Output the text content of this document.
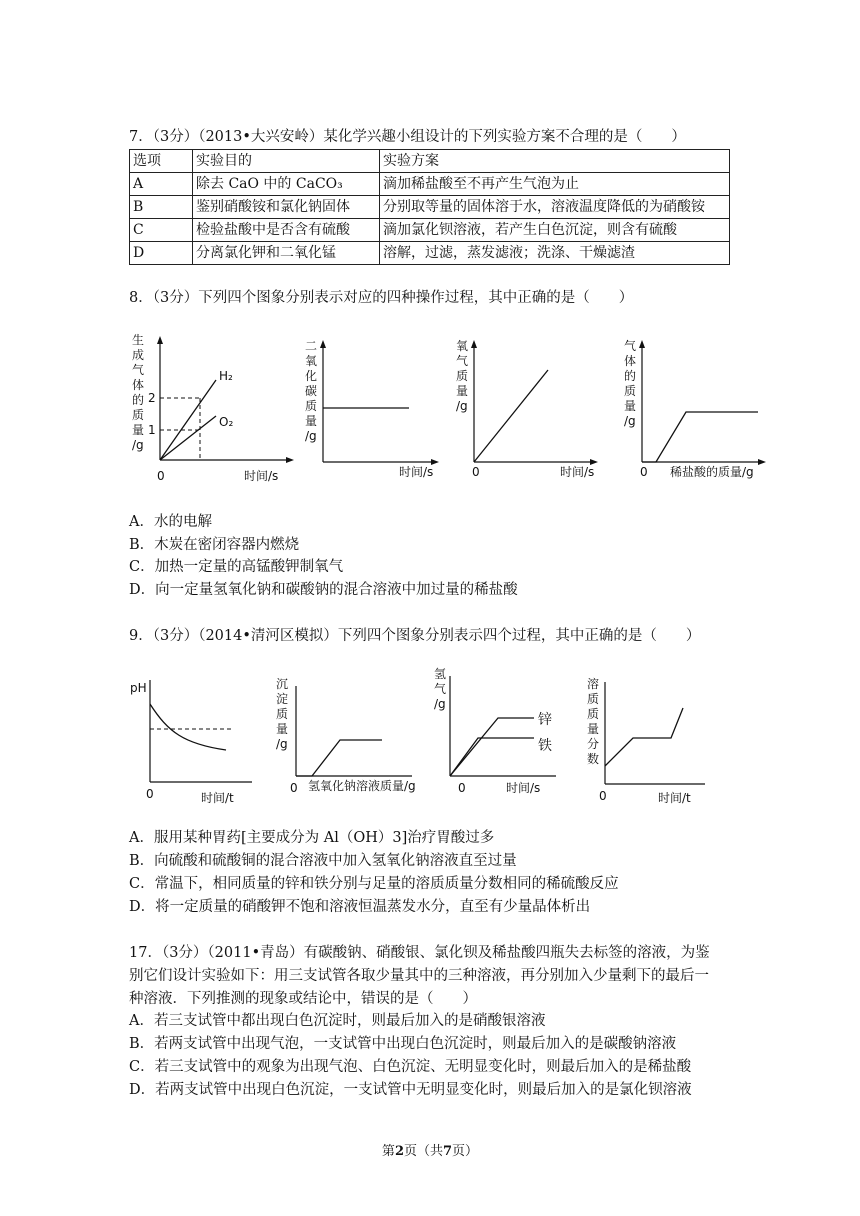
7．（3分）（2013•大兴安岭）某化学兴趣小组设计的下列实验方案不合理的是（　　）
选项	实验目的	实验方案
A	除去 CaO 中的 CaCO₃	滴加稀盐酸至不再产生气泡为止
B	鉴别硝酸铵和氯化钠固体	分别取等量的固体溶于水，溶液温度降低的为硝酸铵
C	检验盐酸中是否含有硫酸	滴加氯化钡溶液，若产生白色沉淀，则含有硫酸
D	分离氯化钾和二氧化锰	溶解，过滤，蒸发滤液；洗涤、干燥滤渣
8．（3分）下列四个图象分别表示对应的四种操作过程，其中正确的是（　　）
生成气体的质量/g
2
1
H₂
O₂
0	时间/s
二氧化碳质量/g
时间/s
氧气质量/g
0	时间/s
气体的质量/g
0 稀盐酸的质量/g
A．水的电解
B．木炭在密闭容器内燃烧
C．加热一定量的高锰酸钾制氧气
D．向一定量氢氧化钠和碳酸钠的混合溶液中加过量的稀盐酸
9．（3分）（2014•清河区模拟）下列四个图象分别表示四个过程，其中正确的是（　　）
pH
0	时间/t
沉淀质量/g
0 氢氧化钠溶液质量/g
氢气/g
锌
铁
0	时间/s
溶质质量分数
0	时间/t
A．服用某种胃药[主要成分为 Al（OH）3]治疗胃酸过多
B．向硫酸和硫酸铜的混合溶液中加入氢氧化钠溶液直至过量
C．常温下，相同质量的锌和铁分别与足量的溶质质量分数相同的稀硫酸反应
D．将一定质量的硝酸钾不饱和溶液恒温蒸发水分，直至有少量晶体析出
17．（3分）（2011•青岛）有碳酸钠、硝酸银、氯化钡及稀盐酸四瓶失去标签的溶液，为鉴
别它们设计实验如下：用三支试管各取少量其中的三种溶液，再分别加入少量剩下的最后一
种溶液．下列推测的现象或结论中，错误的是（　　）
A．若三支试管中都出现白色沉淀时，则最后加入的是硝酸银溶液
B．若两支试管中出现气泡，一支试管中出现白色沉淀时，则最后加入的是碳酸钠溶液
C．若三支试管中的观象为出现气泡、白色沉淀、无明显变化时，则最后加入的是稀盐酸
D．若两支试管中出现白色沉淀，一支试管中无明显变化时，则最后加入的是氯化钡溶液
第2页（共7页）
